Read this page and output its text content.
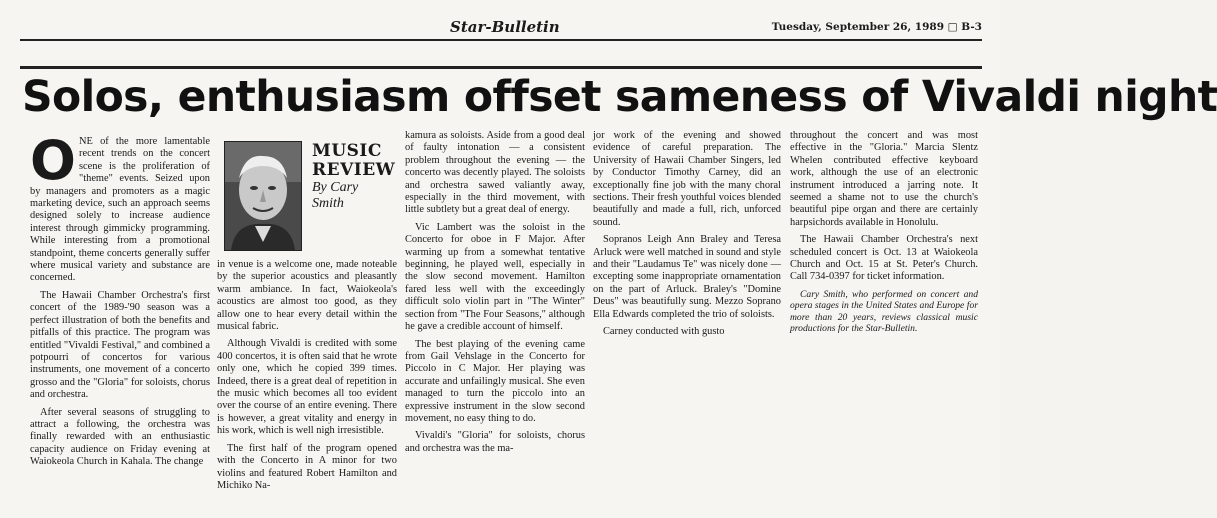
Star-Bulletin	Tuesday, September 26, 1989 □ B-3
Solos, enthusiasm offset sameness of Vivaldi night

ONE of the more lamentable recent trends on the concert scene is the proliferation of "theme" events. Seized upon by managers and promoters as a magic marketing device, such an approach seems designed solely to increase audience interest through gimmicky programming. While interesting from a promotional standpoint, theme concerts generally suffer where musical variety and substance are concerned.

The Hawaii Chamber Orchestra's first concert of the 1989-'90 season was a perfect illustration of both the benefits and pitfalls of this practice. The program was entitled "Vivaldi Festival," and combined a potpourri of concertos for various instruments, one movement of a concerto grosso and the "Gloria" for soloists, chorus and orchestra.

After several seasons of struggling to attract a following, the orchestra was finally rewarded with an enthusiastic capacity audience on Friday evening at Waiokeola Church in Kahala. The change

MUSIC
REVIEW
By Cary
Smith

in venue is a welcome one, made noteable by the superior acoustics and pleasantly warm ambiance. In fact, Waiokeola's acoustics are almost too good, as they allow one to hear every detail within the musical fabric.

Although Vivaldi is credited with some 400 concertos, it is often said that he wrote only one, which he copied 399 times. Indeed, there is a great deal of repetition in the music which becomes all too evident over the course of an entire evening. There is however, a great vitality and energy in his work, which is well nigh irresistible.

The first half of the program opened with the Concerto in A minor for two violins and featured Robert Hamilton and Michiko Na-

kamura as soloists. Aside from a good deal of faulty intonation — a consistent problem throughout the evening — the concerto was decently played. The soloists and orchestra sawed valiantly away, especially in the third movement, with little subtlety but a great deal of energy.

Vic Lambert was the soloist in the Concerto for oboe in F Major. After warming up from a somewhat tentative beginning, he played well, especially in the slow second movement. Hamilton fared less well with the exceedingly difficult solo violin part in "The Winter" section from "The Four Seasons," although he gave a credible account of himself.

The best playing of the evening came from Gail Vehslage in the Concerto for Piccolo in C Major. Her playing was accurate and unfailingly musical. She even managed to turn the piccolo into an expressive instrument in the slow second movement, no easy thing to do.

Vivaldi's "Gloria" for soloists, chorus and orchestra was the ma-

jor work of the evening and showed evidence of careful preparation. The University of Hawaii Chamber Singers, led by Conductor Timothy Carney, did an exceptionally fine job with the many choral sections. Their fresh youthful voices blended beautifully and made a full, rich, unforced sound.

Sopranos Leigh Ann Braley and Teresa Arluck were well matched in sound and style and their "Laudamus Te" was nicely done — excepting some inappropriate ornamentation on the part of Arluck. Braley's "Domine Deus" was beautifully sung. Mezzo Soprano Ella Edwards completed the trio of soloists.

Carney conducted with gusto

throughout the concert and was most effective in the "Gloria." Marcia Slentz Whelen contributed effective keyboard work, although the use of an electronic instrument introduced a jarring note. It seemed a shame not to use the church's beautiful pipe organ and there are certainly harpsichords available in Honolulu.

The Hawaii Chamber Orchestra's next scheduled concert is Oct. 13 at Waiokeola Church and Oct. 15 at St. Peter's Church. Call 734-0397 for ticket information.

Cary Smith, who performed on concert and opera stages in the United States and Europe for more than 20 years, reviews classical music productions for the Star-Bulletin.
